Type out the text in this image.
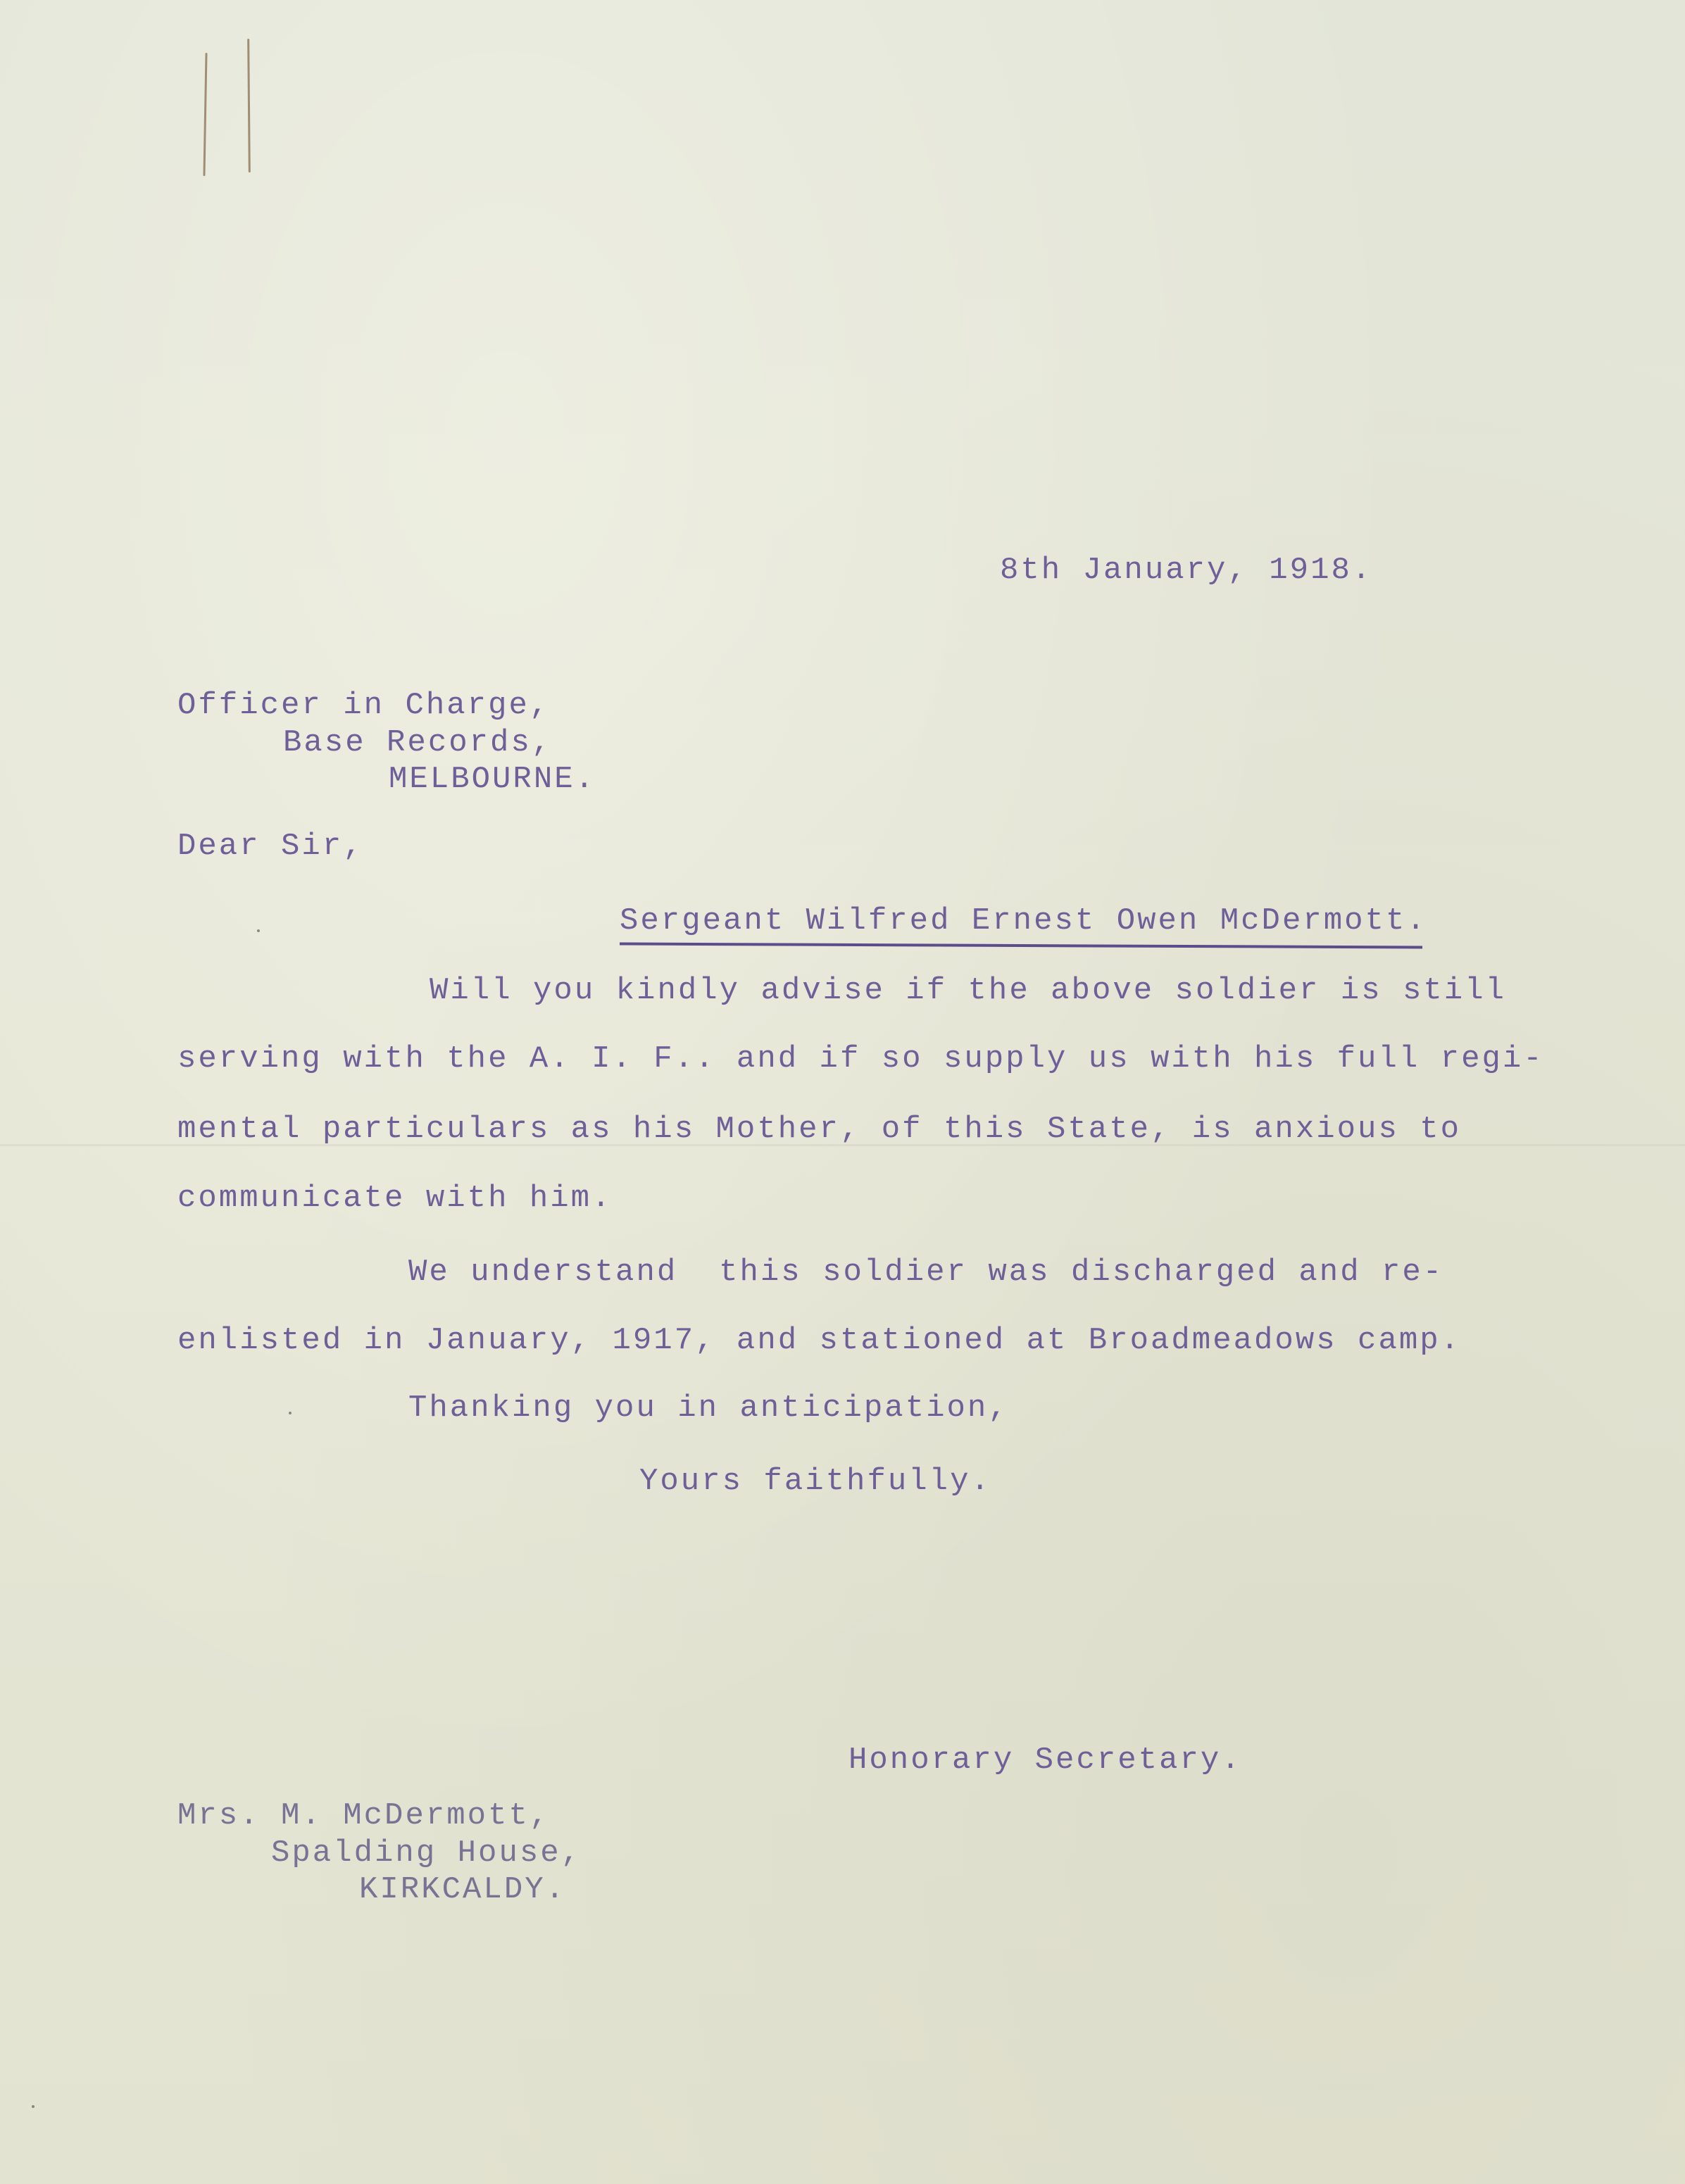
8th January, 1918.
Officer in Charge,
Base Records,
MELBOURNE.
Dear Sir,
Sergeant Wilfred Ernest Owen McDermott.
Will you kindly advise if the above soldier is still
serving with the A. I. F.. and if so supply us with his full regi-
mental particulars as his Mother, of this State, is anxious to
communicate with him.
We understand  this soldier was discharged and re-
enlisted in January, 1917, and stationed at Broadmeadows camp.
Thanking you in anticipation,
Yours faithfully.
Honorary Secretary.
Mrs. M. McDermott,
Spalding House,
KIRKCALDY.
